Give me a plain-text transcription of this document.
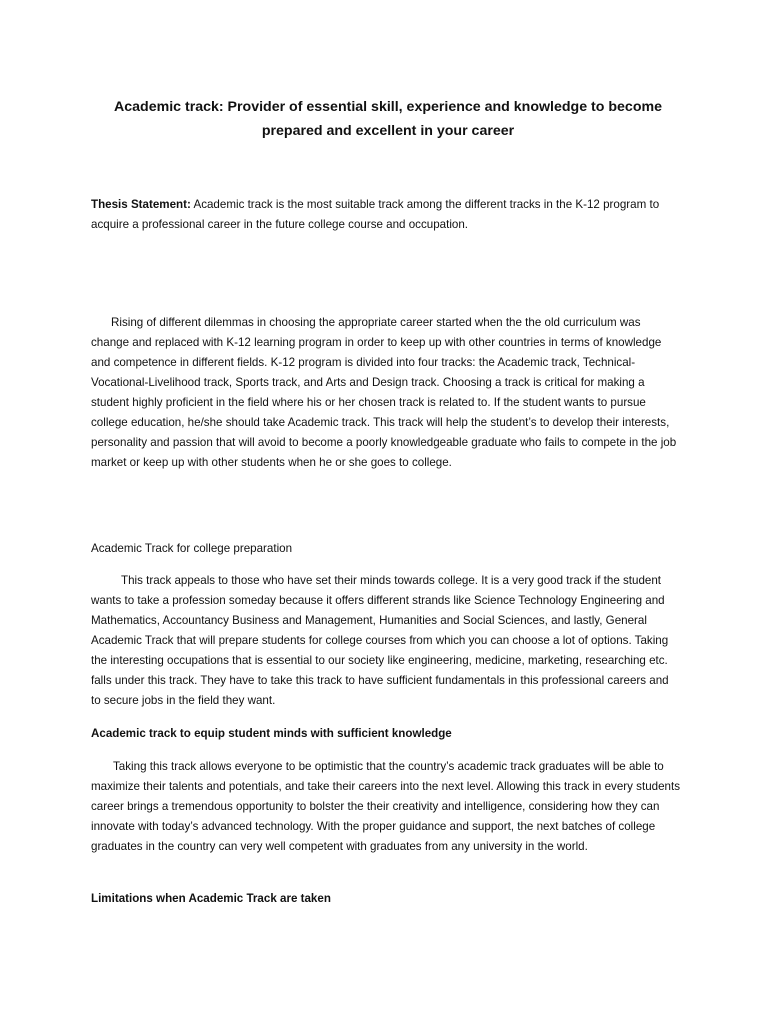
Academic track: Provider of essential skill, experience and knowledge to become prepared and excellent in your career

Thesis Statement: Academic track is the most suitable track among the different tracks in the K-12 program to acquire a professional career in the future college course and occupation.

Rising of different dilemmas in choosing the appropriate career started when the the old curriculum was change and replaced with K-12 learning program in order to keep up with other countries in terms of knowledge and competence in different fields. K-12 program is divided into four tracks: the Academic track, Technical-Vocational-Livelihood track, Sports track, and Arts and Design track. Choosing a track is critical for making a student highly proficient in the field where his or her chosen track is related to. If the student wants to pursue college education, he/she should take Academic track. This track will help the student’s to develop their interests, personality and passion that will avoid to become a poorly knowledgeable graduate who fails to compete in the job market or keep up with other students when he or she goes to college.

Academic Track for college preparation

This track appeals to those who have set their minds towards college. It is a very good track if the student wants to take a profession someday because it offers different strands like Science Technology Engineering and Mathematics, Accountancy Business and Management, Humanities and Social Sciences, and lastly, General Academic Track that will prepare students for college courses from which you can choose a lot of options. Taking the interesting occupations that is essential to our society like engineering, medicine, marketing, researching etc. falls under this track. They have to take this track to have sufficient fundamentals in this professional careers and to secure jobs in the field they want.

Academic track to equip student minds with sufficient knowledge

Taking this track allows everyone to be optimistic that the country’s academic track graduates will be able to maximize their talents and potentials, and take their careers into the next level. Allowing this track in every students career brings a tremendous opportunity to bolster the their creativity and intelligence, considering how they can innovate with today’s advanced technology. With the proper guidance and support, the next batches of college graduates in the country can very well competent with graduates from any university in the world.

Limitations when Academic Track are taken
